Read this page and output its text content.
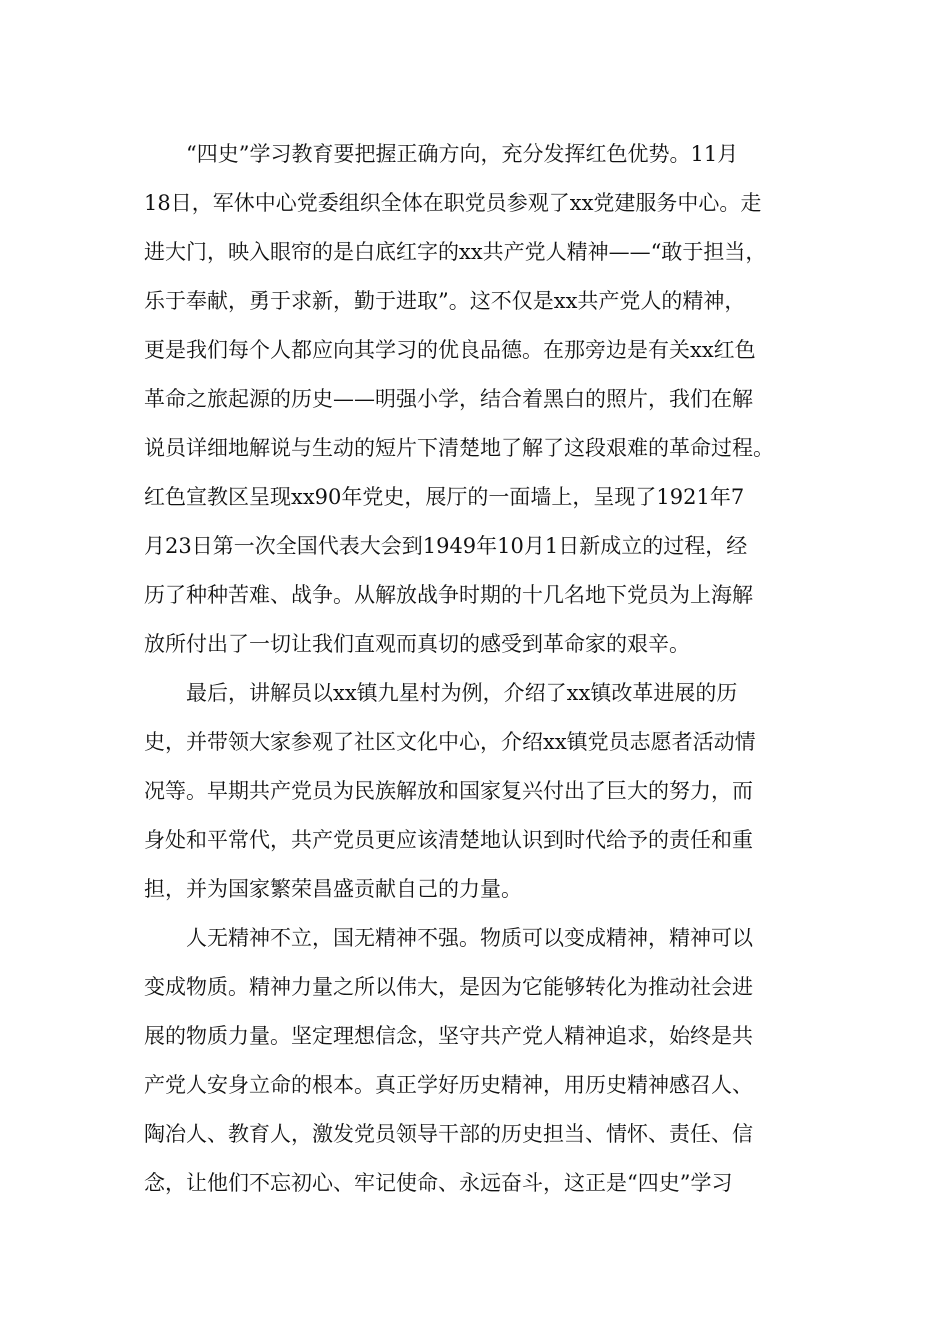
“四史”学习教育要把握正确方向，充分发挥红色优势。11月
18日，军休中心党委组织全体在职党员参观了xx党建服务中心。走
进大门，映入眼帘的是白底红字的xx共产党人精神——“敢于担当，
乐于奉献，勇于求新，勤于进取”。这不仅是xx共产党人的精神，
更是我们每个人都应向其学习的优良品德。在那旁边是有关xx红色
革命之旅起源的历史——明强小学，结合着黑白的照片，我们在解
说员详细地解说与生动的短片下清楚地了解了这段艰难的革命过程。
红色宣教区呈现xx90年党史，展厅的一面墙上，呈现了1921年7
月23日第一次全国代表大会到1949年10月1日新成立的过程，经
历了种种苦难、战争。从解放战争时期的十几名地下党员为上海解
放所付出了一切让我们直观而真切的感受到革命家的艰辛。
最后，讲解员以xx镇九星村为例，介绍了xx镇改革进展的历
史，并带领大家参观了社区文化中心，介绍xx镇党员志愿者活动情
况等。早期共产党员为民族解放和国家复兴付出了巨大的努力，而
身处和平常代，共产党员更应该清楚地认识到时代给予的责任和重
担，并为国家繁荣昌盛贡献自己的力量。
人无精神不立，国无精神不强。物质可以变成精神，精神可以
变成物质。精神力量之所以伟大，是因为它能够转化为推动社会进
展的物质力量。坚定理想信念，坚守共产党人精神追求，始终是共
产党人安身立命的根本。真正学好历史精神，用历史精神感召人、
陶冶人、教育人，激发党员领导干部的历史担当、情怀、责任、信
念，让他们不忘初心、牢记使命、永远奋斗，这正是“四史”学习
